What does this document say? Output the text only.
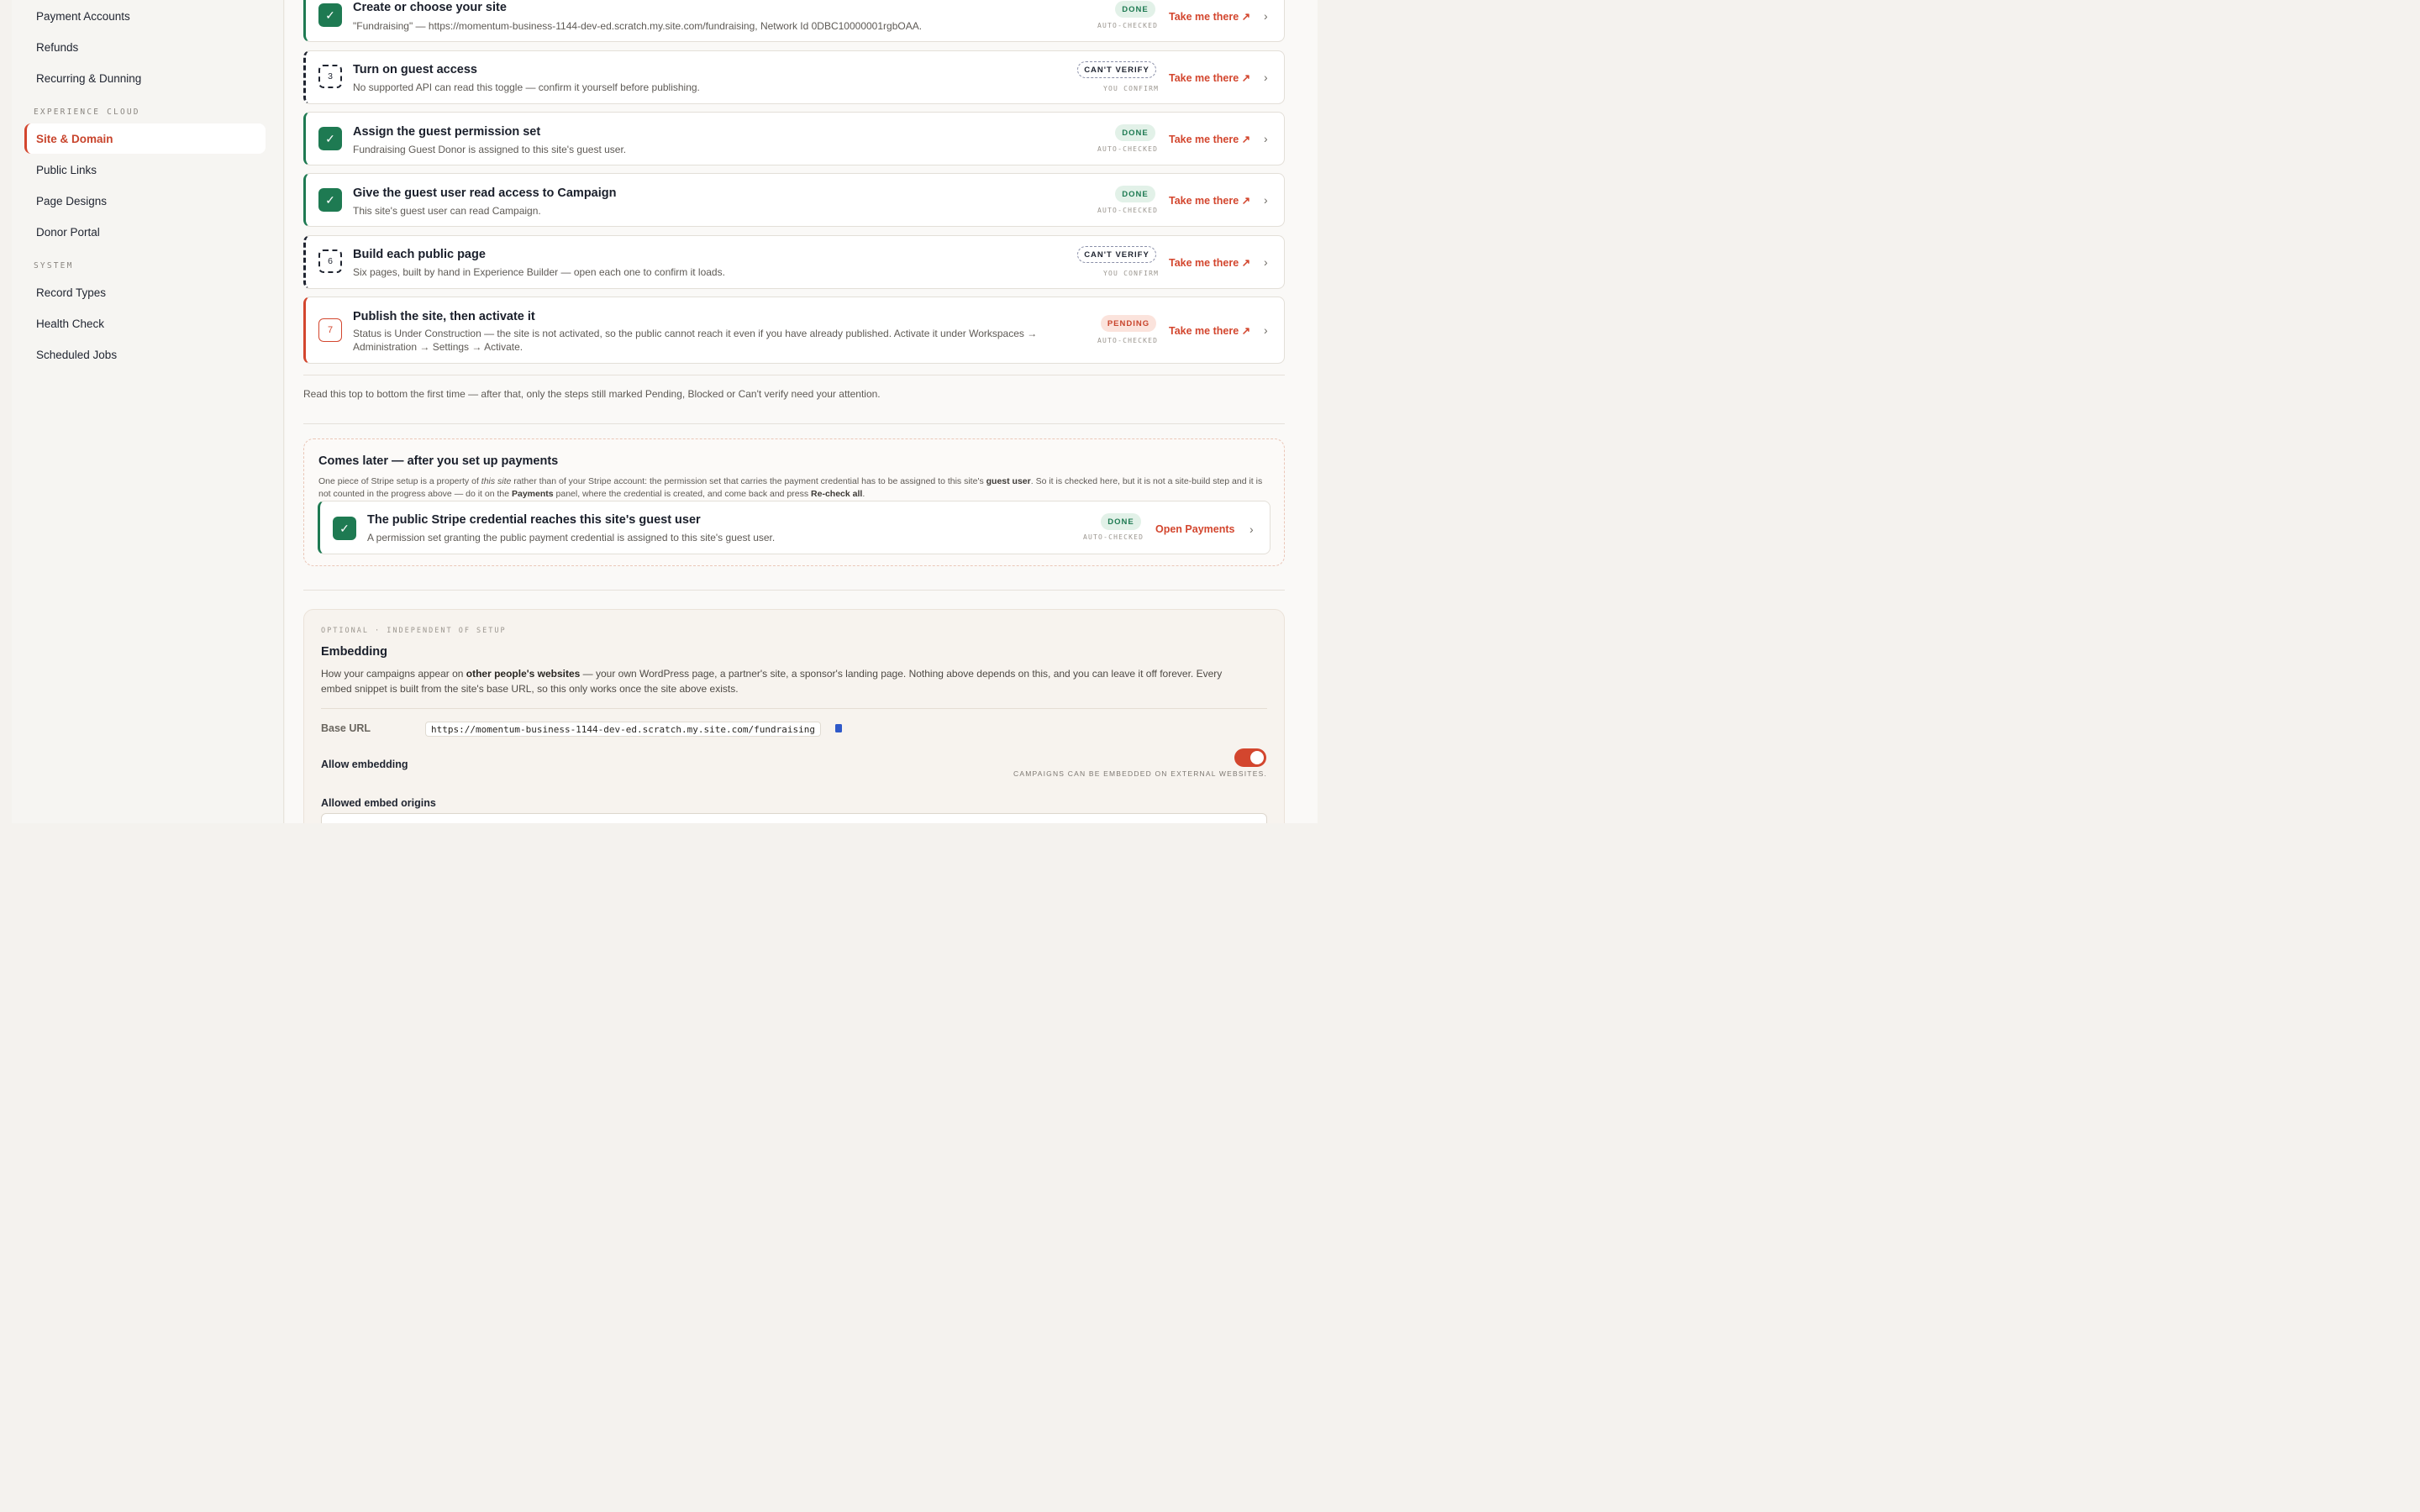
Payment Accounts
Refunds
Recurring & Dunning
EXPERIENCE CLOUD
Site & Domain
Public Links
Page Designs
Donor Portal
SYSTEM
Record Types
Health Check
Scheduled Jobs
✓
Create or choose your site
"Fundraising" — https://momentum-business-1144-dev-ed.scratch.my.site.com/fundraising, Network Id 0DBC10000001rgbOAA.
DONE
AUTO-CHECKED
Take me there ↗ ›
3	Turn on guest access
No supported API can read this toggle — confirm it yourself before publishing.
CAN'T VERIFY
YOU CONFIRM
Take me there ↗ ›
✓	Assign the guest permission set
Fundraising Guest Donor is assigned to this site's guest user.
DONE
AUTO-CHECKED
Take me there ↗ ›
✓	Give the guest user read access to Campaign
This site's guest user can read Campaign.
DONE
AUTO-CHECKED
Take me there ↗ ›
6	Build each public page
Six pages, built by hand in Experience Builder — open each one to confirm it loads.
CAN'T VERIFY
YOU CONFIRM
Take me there ↗ ›
7
Publish the site, then activate it
Status is Under Construction — the site is not activated, so the public cannot reach it even if you have already published. Activate it under Workspaces → Administration → Settings → Activate.
PENDING
AUTO-CHECKED
Take me there ↗ ›
Read this top to bottom the first time — after that, only the steps still marked Pending, Blocked or Can't verify need your attention.
Comes later — after you set up payments
One piece of Stripe setup is a property of this site rather than of your Stripe account: the permission set that carries the payment credential has to be assigned to this site's guest user. So it is checked here, but it is not a site-build step and it is not counted in the progress above — do it on the Payments panel, where the credential is created, and come back and press Re-check all.
✓
The public Stripe credential reaches this site's guest user
A permission set granting the public payment credential is assigned to this site's guest user.
DONE
AUTO-CHECKED
Open Payments ›
OPTIONAL · INDEPENDENT OF SETUP
Embedding
How your campaigns appear on other people's websites — your own WordPress page, a partner's site, a sponsor's landing page. Nothing above depends on this, and you can leave it off forever. Every embed snippet is built from the site's base URL, so this only works once the site above exists.
Base URL	https://momentum-business-1144-dev-ed.scratch.my.site.com/fundraising
Allow embedding
CAMPAIGNS CAN BE EMBEDDED ON EXTERNAL WEBSITES.
Allowed embed origins
